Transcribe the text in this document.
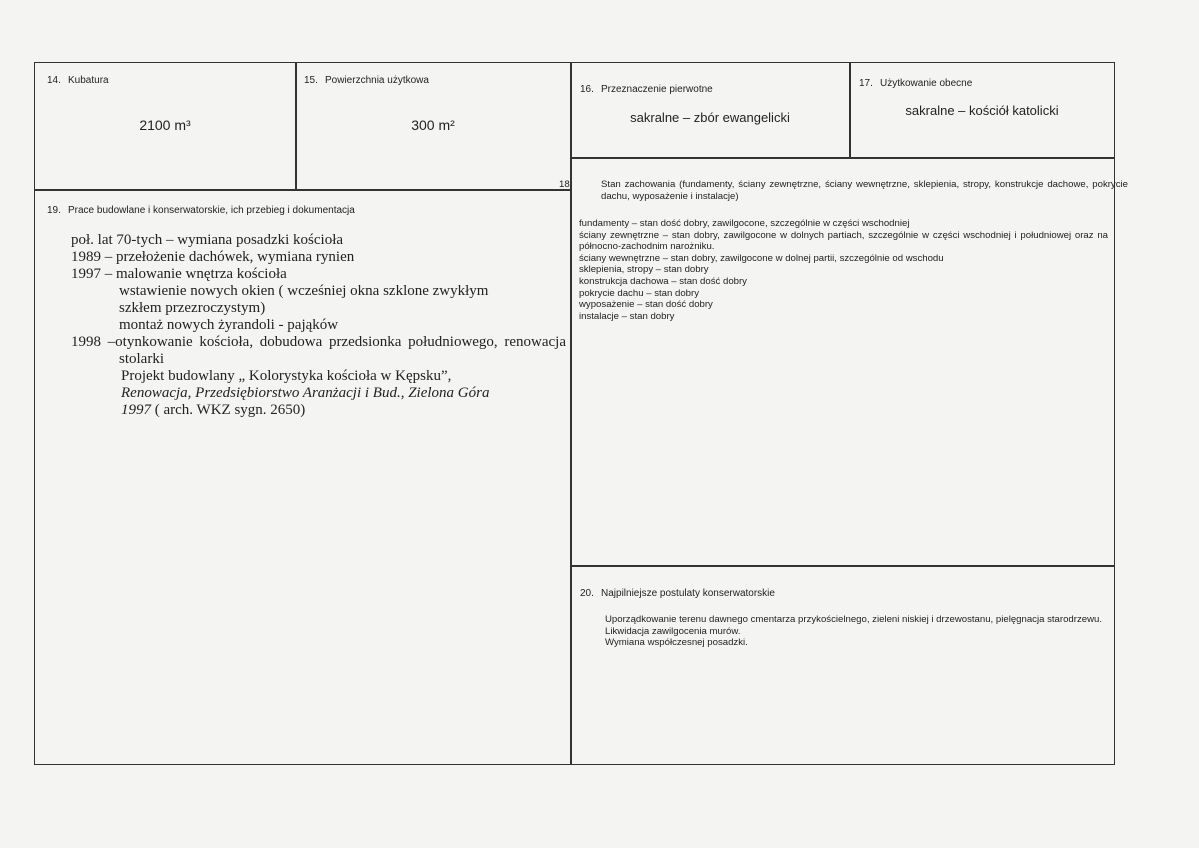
14. Kubatura
2100 m³
15. Powierzchnia użytkowa
300 m²
16. Przeznaczenie pierwotne
sakralne – zbór ewangelicki
17. Użytkowanie obecne
sakralne – kościół katolicki
18.	Stan zachowania (fundamenty, ściany zewnętrzne, ściany wewnętrzne, sklepienia, stropy, konstrukcje dachowe, pokrycie dachu, wyposażenie i instalacje)
fundamenty – stan dość dobry, zawilgocone, szczególnie w części wschodniej
ściany zewnętrzne – stan dobry, zawilgocone w dolnych partiach, szczególnie w części wschodniej i południowej oraz na północno-zachodnim narożniku.
ściany wewnętrzne – stan dobry, zawilgocone w dolnej partii, szczególnie od wschodu
sklepienia, stropy – stan dobry
konstrukcja dachowa – stan dość dobry
pokrycie dachu – stan dobry
wyposażenie – stan dość dobry
instalacje – stan dobry
19. Prace budowlane i konserwatorskie, ich przebieg i dokumentacja
poł. lat 70-tych – wymiana posadzki kościoła
1989 – przełożenie dachówek, wymiana rynien
1997 – malowanie wnętrza kościoła
wstawienie nowych okien ( wcześniej okna szklone zwykłym szkłem przezroczystym)
montaż nowych żyrandoli - pająków
1998 –otynkowanie kościoła, dobudowa przedsionka południowego, renowacja stolarki
Projekt budowlany „ Kolorystyka kościoła w Kępsku”, Renowacja, Przedsiębiorstwo Aranżacji i Bud., Zielona Góra 1997 ( arch. WKZ sygn. 2650)
20. Najpilniejsze postulaty konserwatorskie
Uporządkowanie terenu dawnego cmentarza przykościelnego, zieleni niskiej i drzewostanu, pielęgnacja starodrzewu.
Likwidacja zawilgocenia murów.
Wymiana współczesnej posadzki.
